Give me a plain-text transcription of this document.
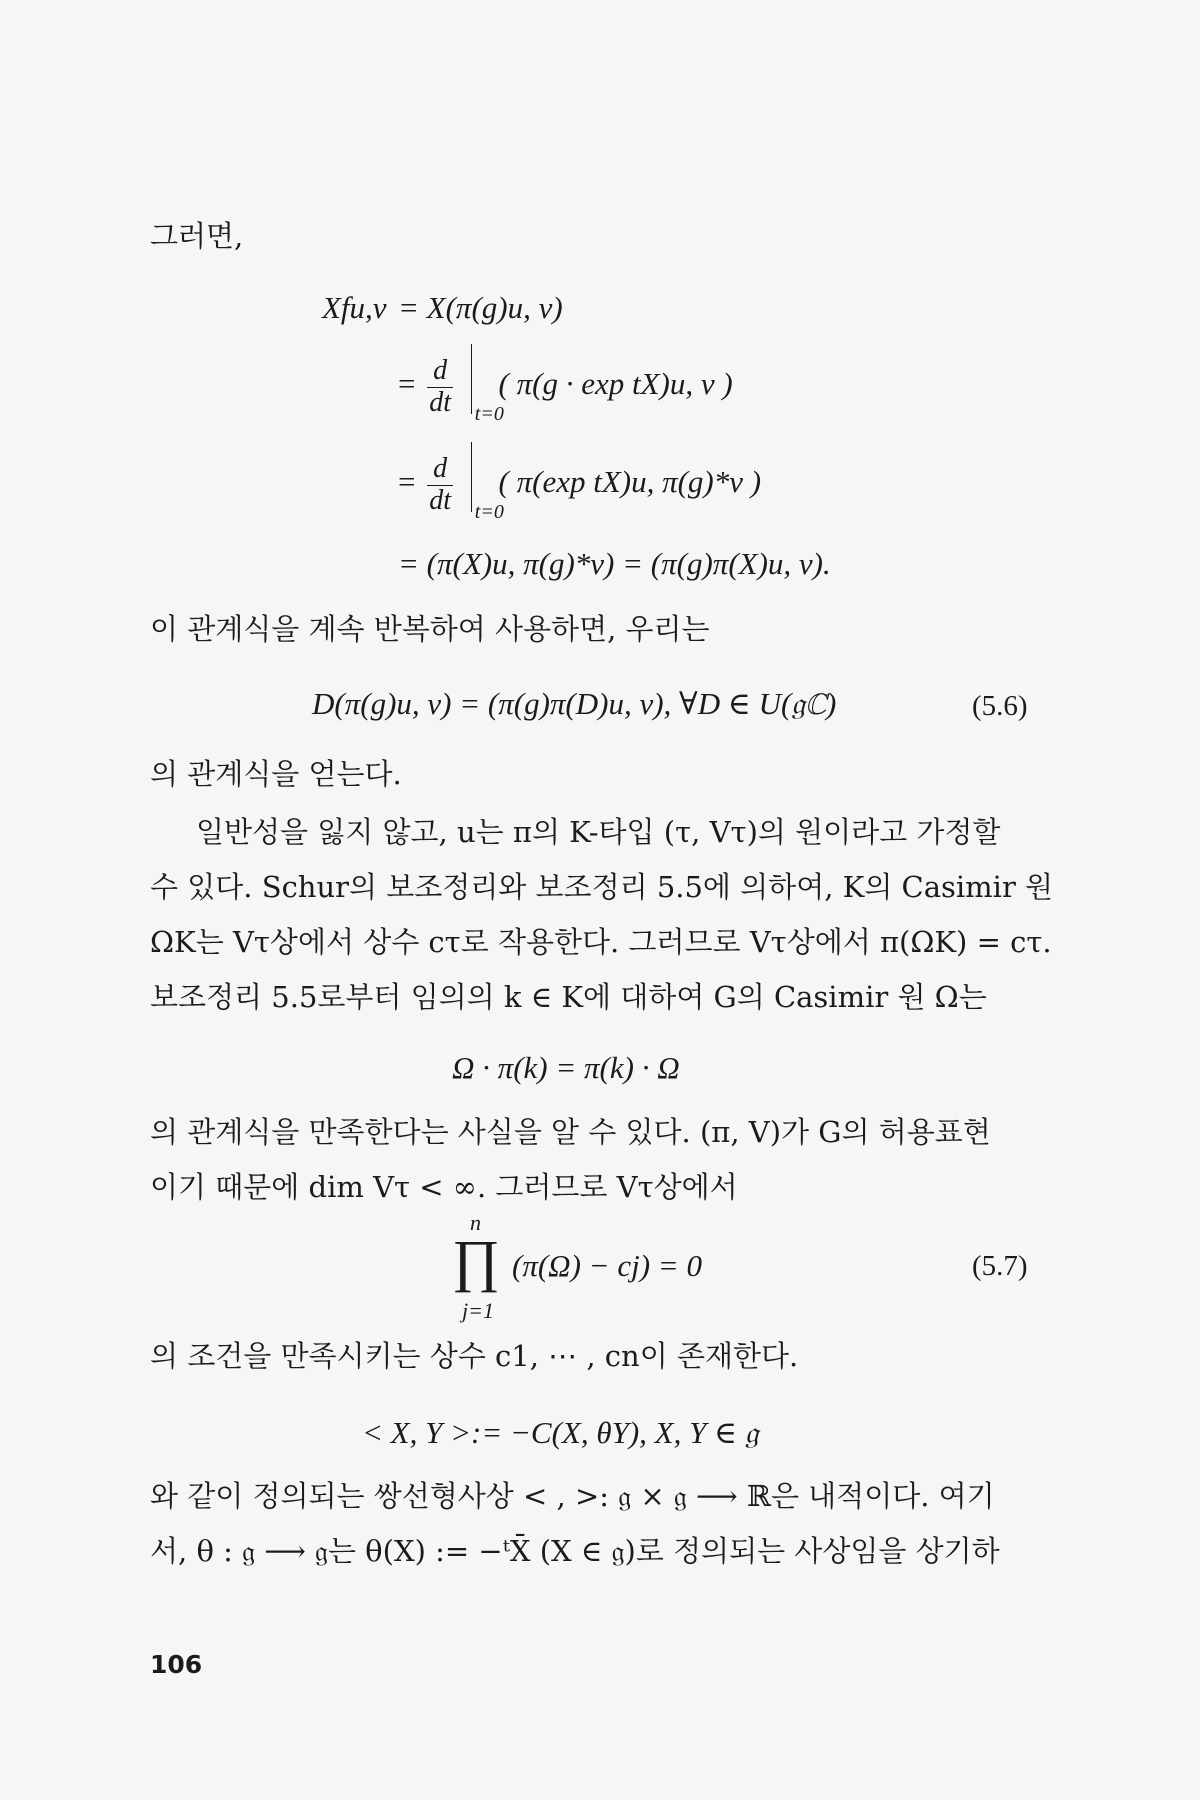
그러면,
Xfu,v = X(π(g)u, v)
= $\frac{d}{dt}$
t=0
( π(g · exp tX)u, v )
= $\frac{d}{dt}$
t=0
( π(exp tX)u, π(g)*v )
= (π(X)u, π(g)*v) = (π(g)π(X)u, v).
이 관계식을 계속 반복하여 사용하면, 우리는
D(π(g)u, v) = (π(g)π(D)u, v), ∀D ∈ U(𝔤ℂ)	(5.6)
의 관계식을 얻는다.
일반성을 잃지 않고, u는 π의 K-타입 (τ, Vτ)의 원이라고 가정할
수 있다. Schur의 보조정리와 보조정리 5.5에 의하여, K의 Casimir 원
ΩK는 Vτ상에서 상수 cτ로 작용한다. 그러므로 Vτ상에서 π(ΩK) = cτ.
보조정리 5.5로부터 임의의 k ∈ K에 대하여 G의 Casimir 원 Ω는
Ω · π(k) = π(k) · Ω
의 관계식을 만족한다는 사실을 알 수 있다. (π, V)가 G의 허용표현
이기 때문에 dim Vτ < ∞. 그러므로 Vτ상에서
n
∏
j=1
(π(Ω) − cj) = 0	(5.7)
의 조건을 만족시키는 상수 c1, ⋯ , cn이 존재한다.
< X, Y >:= −C(X, θY), X, Y ∈ 𝔤
와 같이 정의되는 쌍선형사상 < , >: 𝔤 × 𝔤 ⟶ ℝ은 내적이다. 여기
서, θ : 𝔤 ⟶ 𝔤는 θ(X) := −ᵗX̄ (X ∈ 𝔤)로 정의되는 사상임을 상기하
106
